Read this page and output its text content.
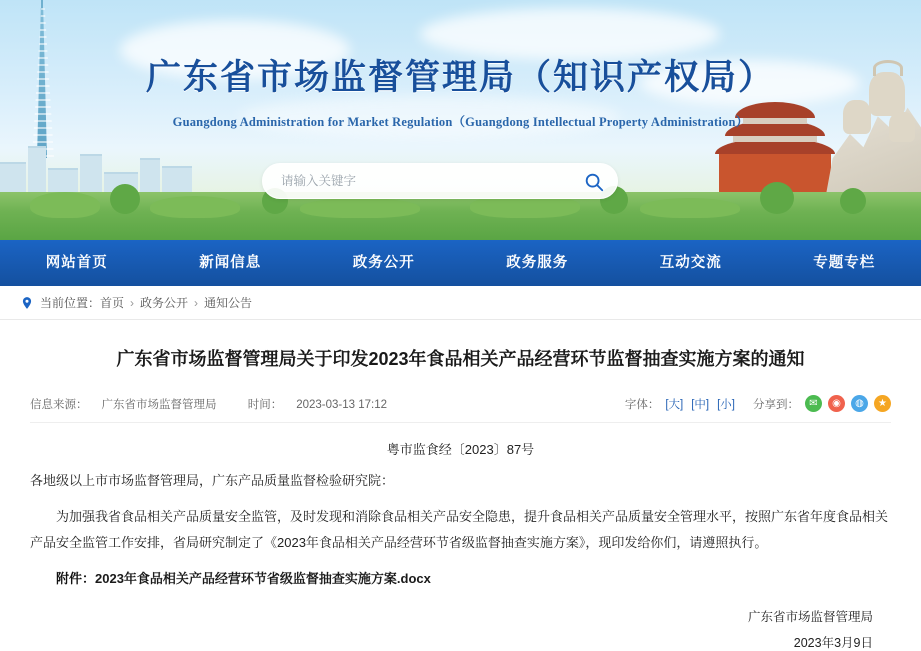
广东省市场监督管理局（知识产权局）
Guangdong Administration for Market Regulation（Guangdong Intellectual Property Administration）
请输入关键字
网站首页	新闻信息	政务公开	政务服务	互动交流	专题专栏
当前位置： 首页 › 政务公开 › 通知公告
广东省市场监督管理局关于印发2023年食品相关产品经营环节监督抽查实施方案的通知
信息来源： 广东省市场监督管理局	时间： 2023-03-13 17:12	字体： [大] [中] [小] 分享到：	✉	◉	◍	★
粤市监食经〔2023〕87号
各地级以上市市场监督管理局，广东产品质量监督检验研究院：
为加强我省食品相关产品质量安全监管，及时发现和消除食品相关产品安全隐患，提升食品相关产品质量安全管理水平，按照广东省年度食品相关产品安全监管工作安排，省局研究制定了《2023年食品相关产品经营环节省级监督抽查实施方案》，现印发给你们，请遵照执行。
附件：2023年食品相关产品经营环节省级监督抽查实施方案.docx
广东省市场监督管理局
2023年3月9日
